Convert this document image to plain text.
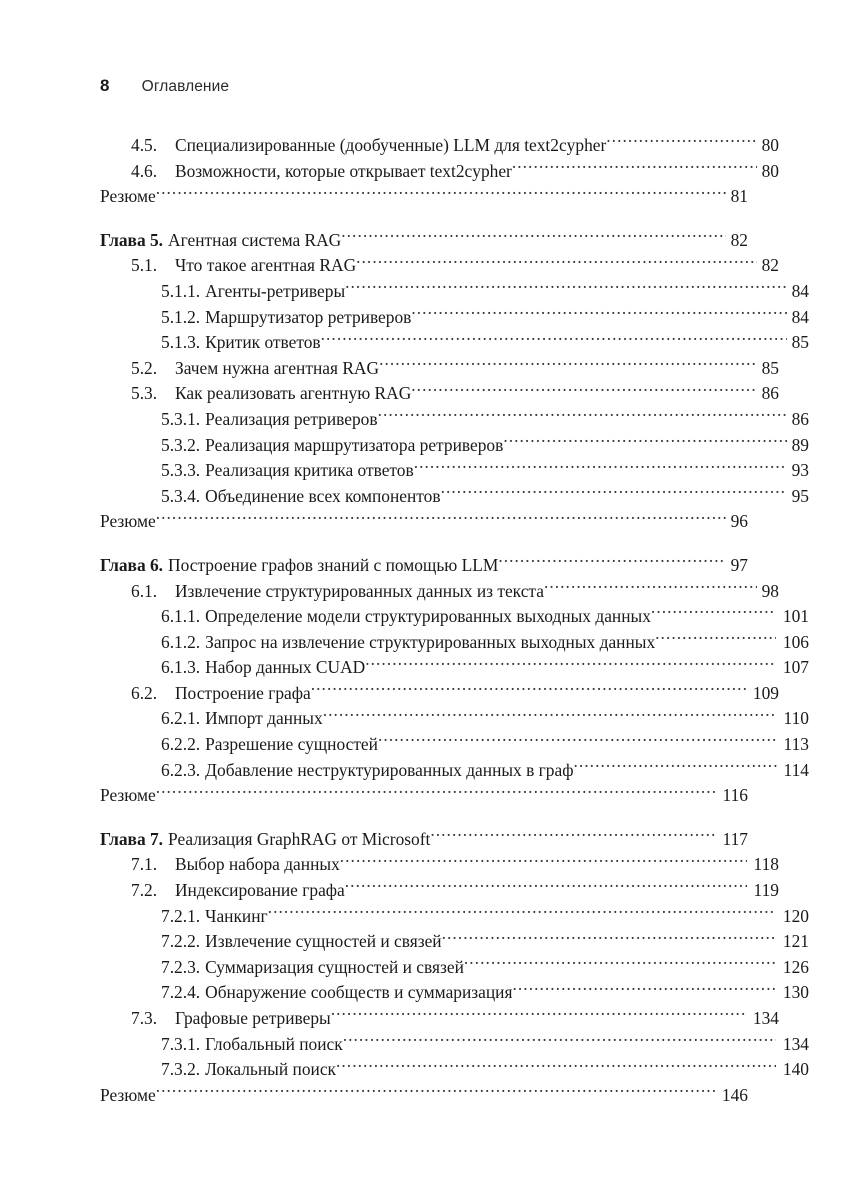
8 Оглавление
4.5.	Специализированные (дообученные) LLM для text2cypher .....	80
4.6.	Возможности, которые открывает text2cypher .....	80
Резюме .....	81
Глава 5. Агентная система RAG .....	82
5.1.	Что такое агентная RAG .....	82
5.1.1. Агенты-ретриверы .....	84
5.1.2. Маршрутизатор ретриверов .....	84
5.1.3. Критик ответов .....	85
5.2.	Зачем нужна агентная RAG .....	85
5.3.	Как реализовать агентную RAG .....	86
5.3.1. Реализация ретриверов .....	86
5.3.2. Реализация маршрутизатора ретриверов .....	89
5.3.3. Реализация критика ответов .....	93
5.3.4. Объединение всех компонентов .....	95
Резюме .....	96
Глава 6. Построение графов знаний с помощью LLM .....	97
6.1.	Извлечение структурированных данных из текста .....	98
6.1.1. Определение модели структурированных выходных данных .....	101
6.1.2. Запрос на извлечение структурированных выходных данных .....	106
6.1.3. Набор данных CUAD .....	107
6.2.	Построение графа .....	109
6.2.1. Импорт данных .....	110
6.2.2. Разрешение сущностей .....	113
6.2.3. Добавление неструктурированных данных в граф .....	114
Резюме .....	116
Глава 7. Реализация GraphRAG от Microsoft .....	117
7.1.	Выбор набора данных .....	118
7.2.	Индексирование графа .....	119
7.2.1. Чанкинг .....	120
7.2.2. Извлечение сущностей и связей .....	121
7.2.3. Суммаризация сущностей и связей .....	126
7.2.4. Обнаружение сообществ и суммаризация .....	130
7.3.	Графовые ретриверы .....	134
7.3.1. Глобальный поиск .....	134
7.3.2. Локальный поиск .....	140
Резюме .....	146
